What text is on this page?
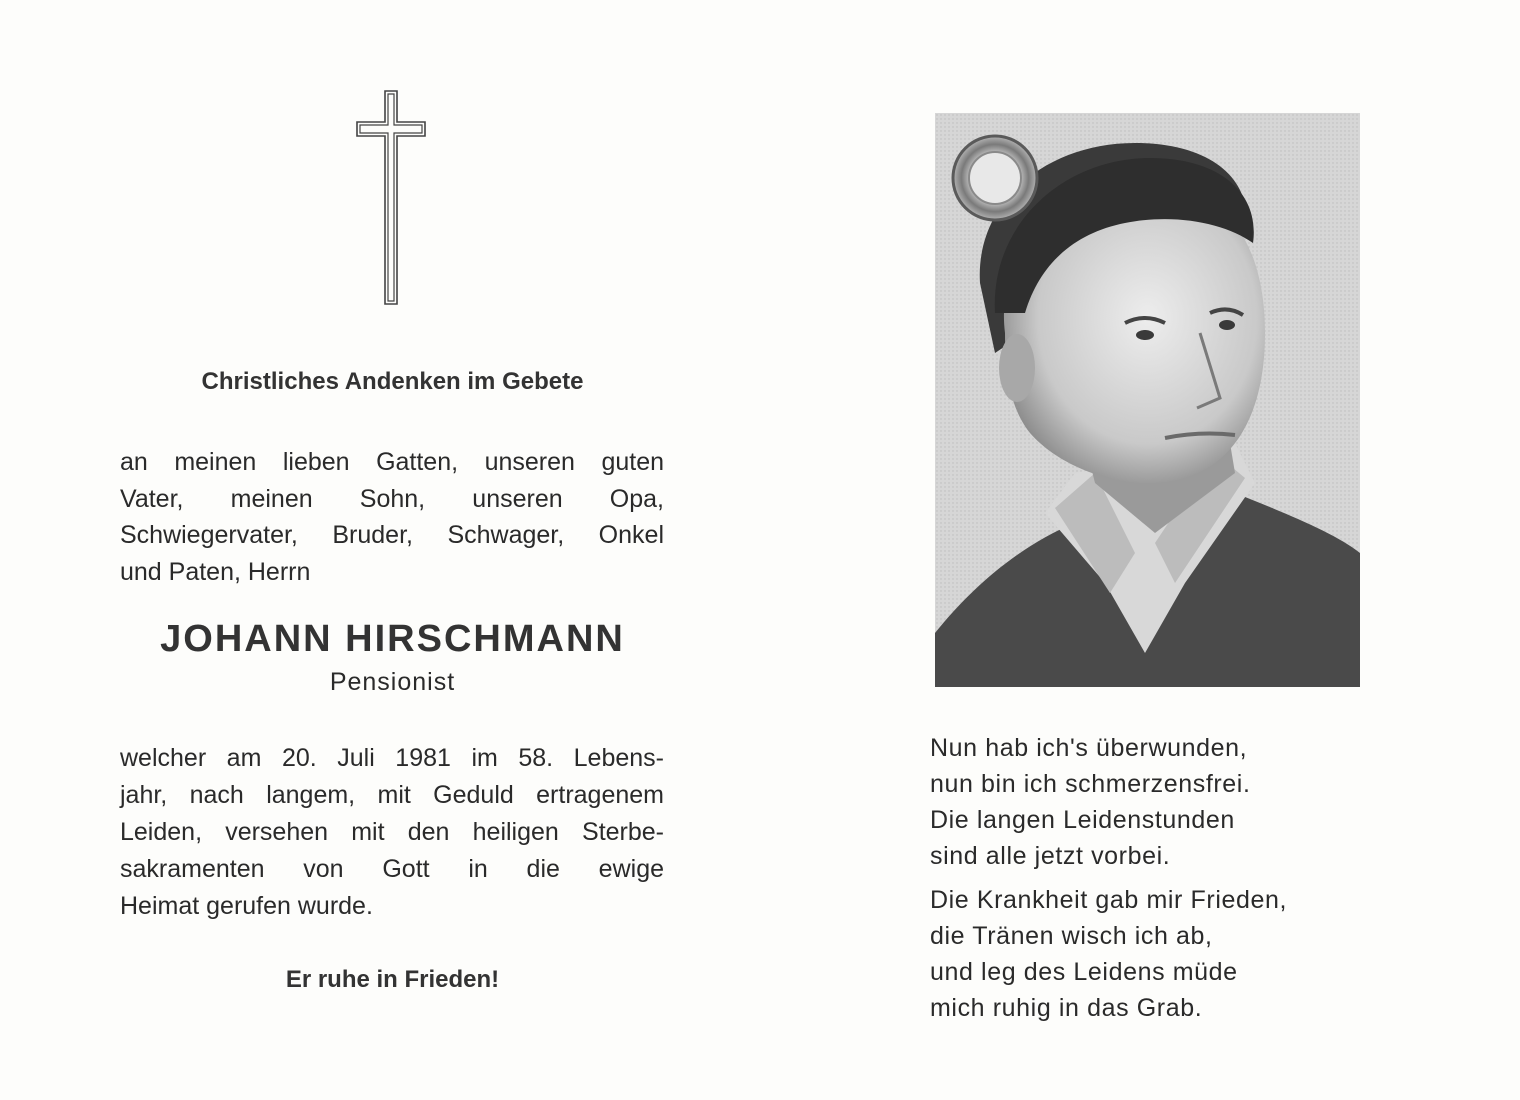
Christliches Andenken im Gebete
an meinen lieben Gatten, unseren guten
Vater, meinen Sohn, unseren Opa,
Schwiegervater, Bruder, Schwager, Onkel
und Paten, Herrn
JOHANN HIRSCHMANN
Pensionist
welcher am 20. Juli 1981 im 58. Lebens-
jahr, nach langem, mit Geduld ertragenem
Leiden, versehen mit den heiligen Sterbe-
sakramenten von Gott in die ewige
Heimat gerufen wurde.
Er ruhe in Frieden!
Nun hab ich's überwunden,
nun bin ich schmerzensfrei.
Die langen Leidenstunden
sind alle jetzt vorbei.
Die Krankheit gab mir Frieden,
die Tränen wisch ich ab,
und leg des Leidens müde
mich ruhig in das Grab.
